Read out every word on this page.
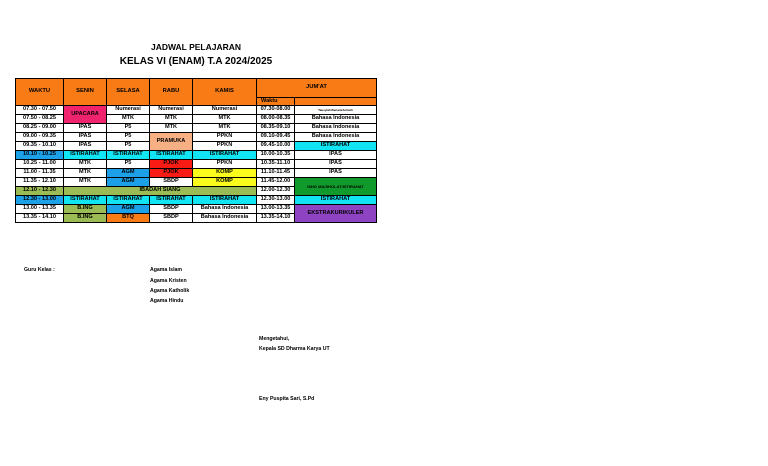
JADWAL PELAJARAN
KELAS VI (ENAM) T.A 2024/2025
WAKTU	SENIN	SELASA	RABU	KAMIS	JUM'AT	
					Waktu	
07.30 - 07.50	UPACARA	Numerasi	Numerasi	Numerasi	07.30-08.00	Tausyiah/Senam/Jumsih
07.50 - 08.25		MTK	MTK	MTK	08.00-08.35	Bahasa Indonesia
08.25 - 09.00	IPAS	P5	MTK	MTK	08.35-09.10	Bahasa Indonesia
09.00 - 09.35	IPAS	P5	PRAMUKA	PPKN	09.10-09.45	Bahasa Indonesia
09.35 - 10.10	IPAS	P5		PPKN	09.45-10.00	ISTIRAHAT
10.10 - 10.25	ISTIRAHAT	ISTIRAHAT	ISTIRAHAT	ISTIRAHAT	10.00-10.35	IPAS
10.25 - 11.00	MTK	P5	PJOK	PPKN	10.35-11.10	IPAS
11.00 - 11.35	MTK	AGM	PJOK	KOMP	11.10-11.45	IPAS
11.35 - 12.10	MTK	AGM	SBDP	KOMP	11.45-12.00	ISHO MA/SHOLAT/ISTIRAHAT
12.10 - 12.30	IBADAH SIANG				12.00-12.30	
12.30 - 13.00	ISTIRAHAT	ISTIRAHAT	ISTIRAHAT	ISTIRAHAT	12.30-13.00	ISTIRAHAT
13.00 - 13.35	B.ING	AGM	SBDP	Bahasa Indonesia	13.00-13.35	EKSTRAKURIKULER
13.35 - 14.10	B.ING	BTQ	SBDP	Bahasa Indonesia	13.35-14.10	
Guru Kelas :	Agama Islam
Agama Kristen
Agama Katholik
Agama Hindu
Mengetahui,
Kepala SD Dharma Karya UT
Eny Puspita Sari, S.Pd
